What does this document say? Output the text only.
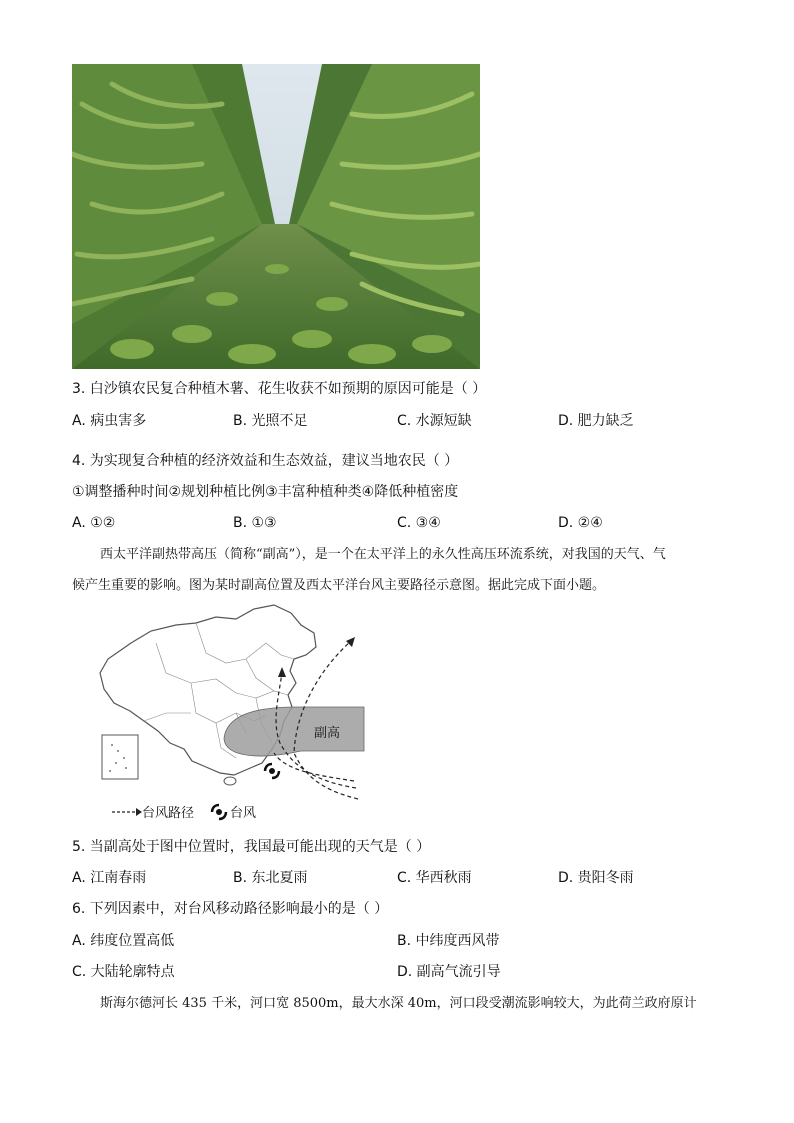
3. 白沙镇农民复合种植木薯、花生收获不如预期的原因可能是（ ）
A. 病虫害多	B. 光照不足	C. 水源短缺	D. 肥力缺乏
4. 为实现复合种植的经济效益和生态效益，建议当地农民（ ）
①调整播种时间②规划种植比例③丰富种植种类④降低种植密度
A. ①②	B. ①③	C. ③④	D. ②④
西太平洋副热带高压（简称“副高”），是一个在太平洋上的永久性高压环流系统，对我国的天气、气
候产生重要的影响。图为某时副高位置及西太平洋台风主要路径示意图。据此完成下面小题。
副高
台风路径	台风
5. 当副高处于图中位置时，我国最可能出现的天气是（ ）
A. 江南春雨	B. 东北夏雨	C. 华西秋雨	D. 贵阳冬雨
6. 下列因素中，对台风移动路径影响最小的是（ ）
A. 纬度位置高低	B. 中纬度西风带
C. 大陆轮廓特点	D. 副高气流引导
斯海尔德河长 435 千米，河口宽 8500m，最大水深 40m，河口段受潮流影响较大，为此荷兰政府原计
